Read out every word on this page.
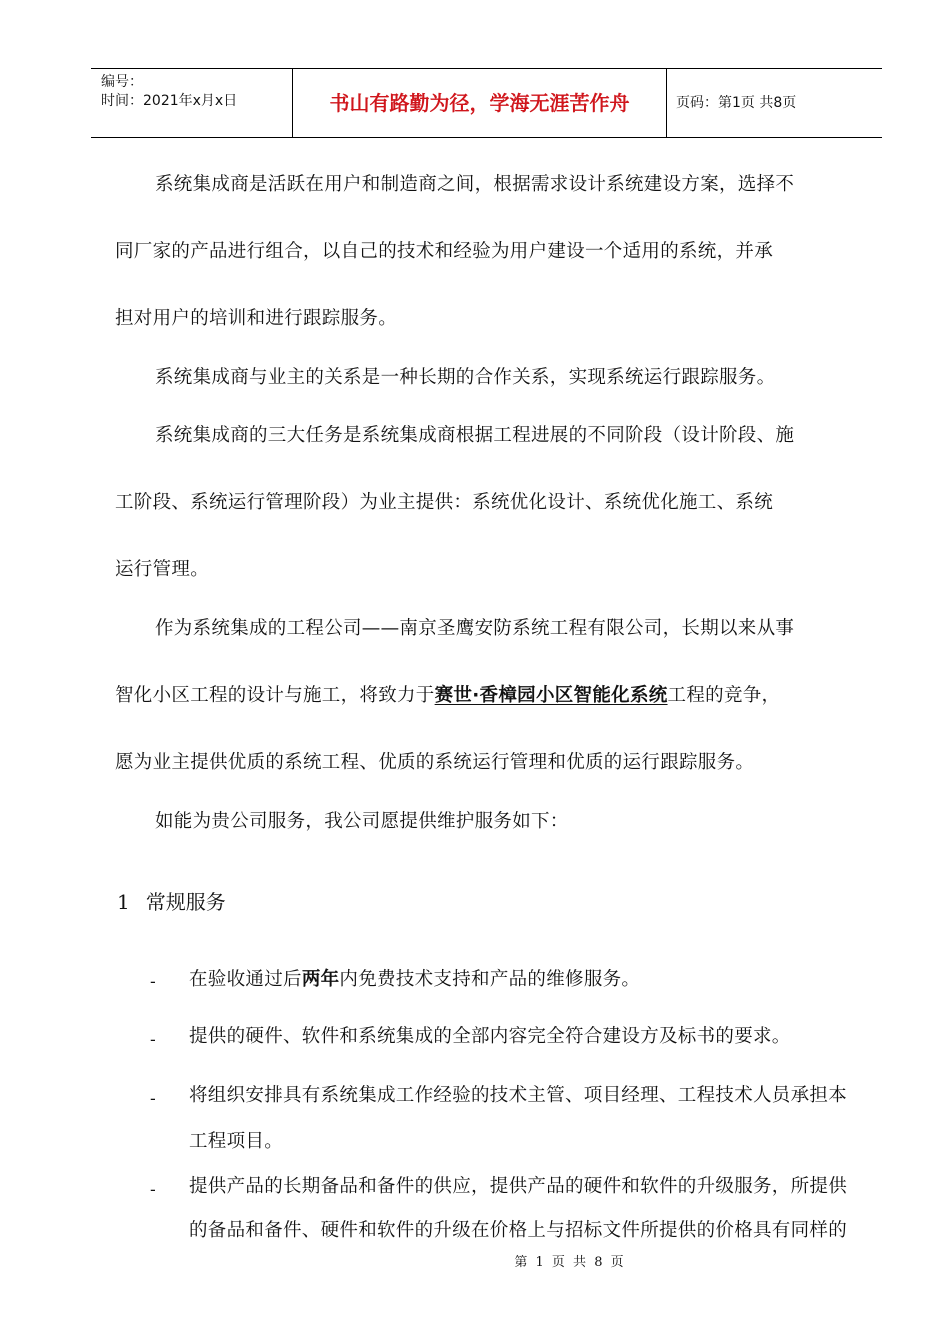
编号：
时间：2021年x月x日	书山有路勤为径，学海无涯苦作舟	页码：第1页 共8页
系统集成商是活跃在用户和制造商之间，根据需求设计系统建设方案，选择不
同厂家的产品进行组合，以自己的技术和经验为用户建设一个适用的系统，并承
担对用户的培训和进行跟踪服务。
系统集成商与业主的关系是一种长期的合作关系，实现系统运行跟踪服务。
系统集成商的三大任务是系统集成商根据工程进展的不同阶段（设计阶段、施
工阶段、系统运行管理阶段）为业主提供：系统优化设计、系统优化施工、系统
运行管理。
作为系统集成的工程公司——南京圣鹰安防系统工程有限公司，长期以来从事
智化小区工程的设计与施工，将致力于赛世·香樟园小区智能化系统工程的竞争，
愿为业主提供优质的系统工程、优质的系统运行管理和优质的运行跟踪服务。
如能为贵公司服务，我公司愿提供维护服务如下：
1 常规服务
- 在验收通过后两年内免费技术支持和产品的维修服务。
- 提供的硬件、软件和系统集成的全部内容完全符合建设方及标书的要求。
- 将组织安排具有系统集成工作经验的技术主管、项目经理、工程技术人员承担本
工程项目。
- 提供产品的长期备品和备件的供应，提供产品的硬件和软件的升级服务，所提供
的备品和备件、硬件和软件的升级在价格上与招标文件所提供的价格具有同样的
第 1 页 共 8 页
